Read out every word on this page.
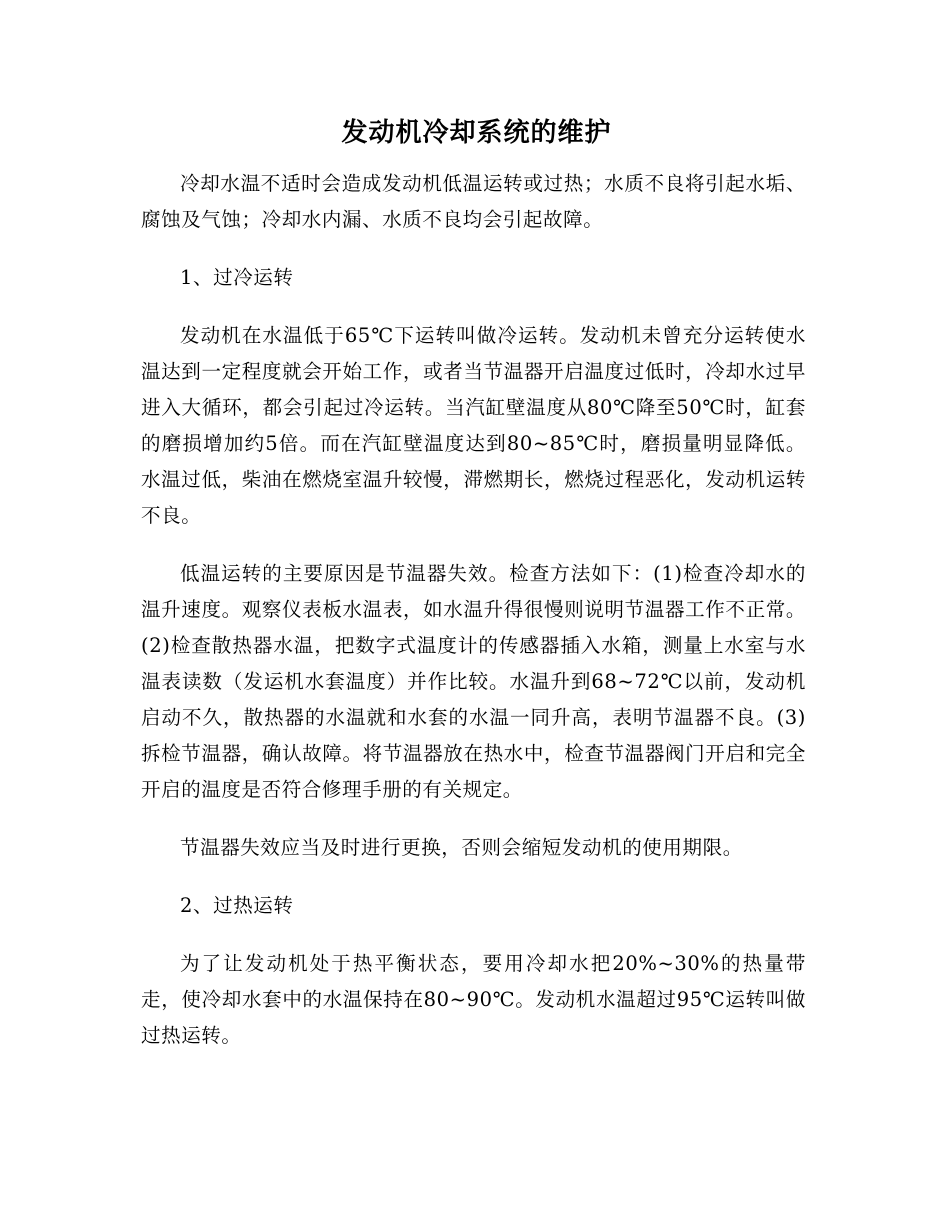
发动机冷却系统的维护

冷却水温不适时会造成发动机低温运转或过热；水质不良将引起水垢、腐蚀及气蚀；冷却水内漏、水质不良均会引起故障。

1、过冷运转

发动机在水温低于65℃下运转叫做冷运转。发动机未曾充分运转使水温达到一定程度就会开始工作，或者当节温器开启温度过低时，冷却水过早进入大循环，都会引起过冷运转。当汽缸壁温度从80℃降至50℃时，缸套的磨损增加约5倍。而在汽缸壁温度达到80~85℃时，磨损量明显降低。水温过低，柴油在燃烧室温升较慢，滞燃期长，燃烧过程恶化，发动机运转不良。

低温运转的主要原因是节温器失效。检查方法如下：(1)检查冷却水的温升速度。观察仪表板水温表，如水温升得很慢则说明节温器工作不正常。(2)检查散热器水温，把数字式温度计的传感器插入水箱，测量上水室与水温表读数（发运机水套温度）并作比较。水温升到68~72℃以前，发动机启动不久，散热器的水温就和水套的水温一同升高，表明节温器不良。(3)拆检节温器，确认故障。将节温器放在热水中，检查节温器阀门开启和完全开启的温度是否符合修理手册的有关规定。

节温器失效应当及时进行更换，否则会缩短发动机的使用期限。

2、过热运转

为了让发动机处于热平衡状态，要用冷却水把20%~30%的热量带走，使冷却水套中的水温保持在80~90℃。发动机水温超过95℃运转叫做过热运转。
